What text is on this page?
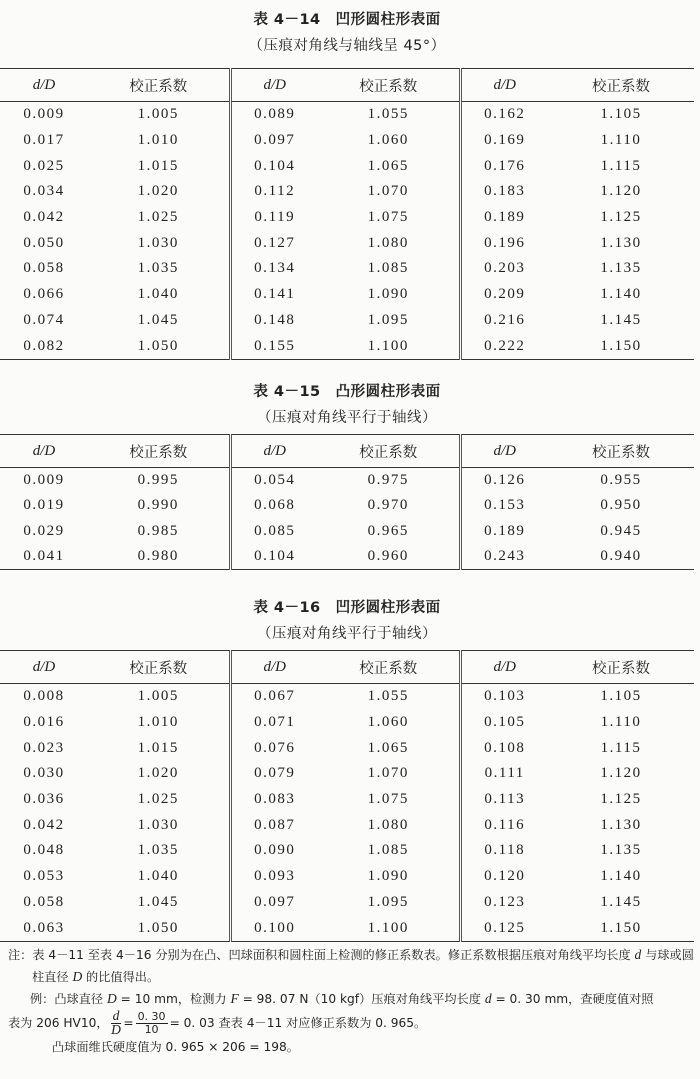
表 4－14　凹形圆柱形表面
（压痕对角线与轴线呈 45°）
d/D	校正系数	d/D	校正系数	d/D	校正系数
0.009	1.005	0.089	1.055	0.162	1.105
0.017	1.010	0.097	1.060	0.169	1.110
0.025	1.015	0.104	1.065	0.176	1.115
0.034	1.020	0.112	1.070	0.183	1.120
0.042	1.025	0.119	1.075	0.189	1.125
0.050	1.030	0.127	1.080	0.196	1.130
0.058	1.035	0.134	1.085	0.203	1.135
0.066	1.040	0.141	1.090	0.209	1.140
0.074	1.045	0.148	1.095	0.216	1.145
0.082	1.050	0.155	1.100	0.222	1.150
表 4－15　凸形圆柱形表面
（压痕对角线平行于轴线）
d/D	校正系数	d/D	校正系数	d/D	校正系数
0.009	0.995	0.054	0.975	0.126	0.955
0.019	0.990	0.068	0.970	0.153	0.950
0.029	0.985	0.085	0.965	0.189	0.945
0.041	0.980	0.104	0.960	0.243	0.940
表 4－16　凹形圆柱形表面
（压痕对角线平行于轴线）
d/D	校正系数	d/D	校正系数	d/D	校正系数
0.008	1.005	0.067	1.055	0.103	1.105
0.016	1.010	0.071	1.060	0.105	1.110
0.023	1.015	0.076	1.065	0.108	1.115
0.030	1.020	0.079	1.070	0.111	1.120
0.036	1.025	0.083	1.075	0.113	1.125
0.042	1.030	0.087	1.080	0.116	1.130
0.048	1.035	0.090	1.085	0.118	1.135
0.053	1.040	0.093	1.090	0.120	1.140
0.058	1.045	0.097	1.095	0.123	1.145
0.063	1.050	0.100	1.100	0.125	1.150

注：表 4－11 至表 4－16 分别为在凸、凹球面积和圆柱面上检测的修正系数表。修正系数根据压痕对角线平均长度 d 与球或圆柱直径 D 的比值得出。

例：凸球直径 D = 10 mm，检测力 F = 98. 07 N（10 kgf）压痕对角线平均长度 d = 0. 30 mm，查硬度值对照

表为 206 HV10， $\frac{d}{D} = \frac{0. 30}{10} = 0$. 03 查表 4－11 对应修正系数为 0. 965。

凸球面维氏硬度值为 0. 965 × 206 = 198。
